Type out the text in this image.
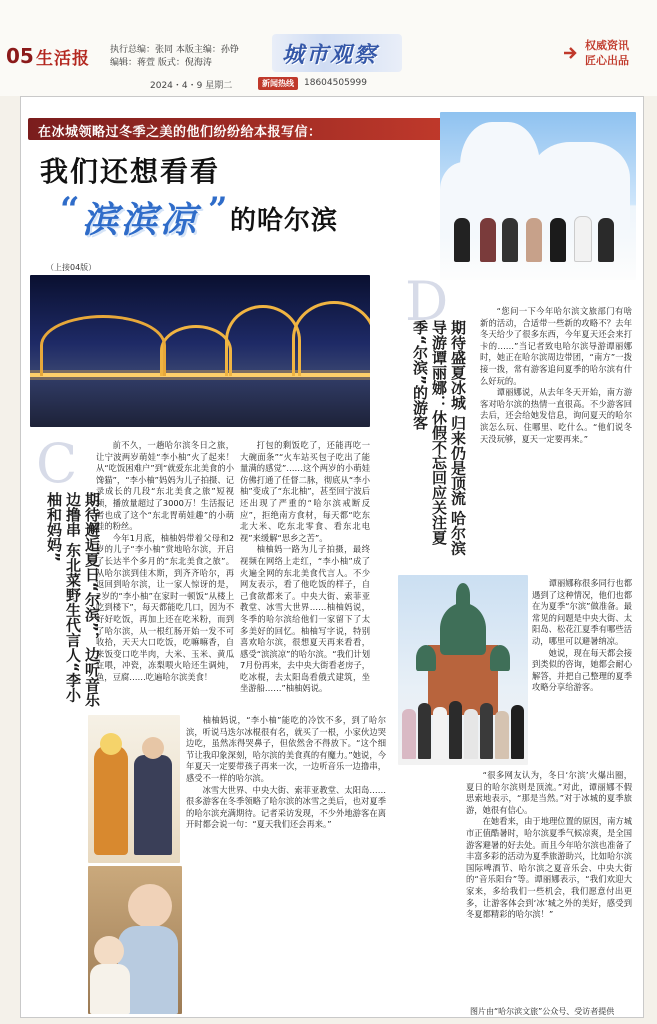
05 生活报 执行总编：张同 本版主编：孙铮
编辑：蒋萱 版式：倪海涛	城市观察	权威资讯
匠心出品
2024・4・9 星期二	新闻热线	18604505999
在冰城领略过冬季之美的他们纷纷给本报写信：
我们还想看看
“ 滨滨凉 ” 的哈尔滨
（上接04版）
C
D
期待邂逅夏日“尔滨”，边听音乐边撸串 东北菜野生代言人“李小柚和妈妈”	期待盛夏冰城 归来仍是顶流 哈尔滨导游谭丽娜：休假不忘回应关注夏季“尔滨”的游客

前不久，一趟哈尔滨冬日之旅，让宁波两岁萌娃“李小柚”火了起来！从“吃饭困难户”到“就爱东北美食的小馋猫”，“李小柚”妈妈为儿子拍摄、记录成长的几段“东北美食之旅”短视频，播放量超过了3000万！生活报记者也成了这个“东北胃萌娃趣”的小萌娃的粉丝。

今年1月底，柚柚妈带着父母和2岁的儿子“李小柚”赏地哈尔滨，开启了长达半个多月的“东北美食之旅”。从哈尔滨到佳木斯，到齐齐哈尔，再返回到哈尔滨，让一家人惊讶的是，2岁的“李小柚”在家时一顿饭“从楼上吃到楼下”，每天都能吃几口，因为不好好吃饭，再加上还在吃米粉，而到了哈尔滨，从一根红肠开始一发不可收拾，天天大口吃饭，吃嘛嘛香，自来饭变口吃半肉，大米、玉米、黄瓜在喂，冲瓷，冻梨喂火哈还生调炖，鱼，豆腐……吃遍哈尔滨美食！

打包的剩饭吃了，还能再吃一大碗面条”“火车站买包子吃出了能量满的感觉”……这个两岁的小萌娃仿佛打通了任督二脉，彻底从“李小柚”变成了“东北柚”，甚至回宁波后还出现了严重的“哈尔滨戒断反应”，拒绝南方食材，每天都“吃东北大米、吃东北零食、看东北电视”来缓解“思乡之苦”。

柚柚妈一路为儿子拍摄，最终视频在网络上走红，“李小柚”成了火遍全网的东北美食代言人。不少网友表示，看了他吃饭的样子，自己食欲都来了。中央大街、索菲亚教堂、冰雪大世界……柚柚妈说，冬季的哈尔滨给他们一家留下了太多美好的回忆。柚柚写字说，特别喜欢哈尔滨，很想夏天再来看看，感受“滨滨凉”的哈尔滨。“我们计划7月份再来，去中央大街看老房子，吃冰棍，去太阳岛看俄式建筑，坐坐游船……”柚柚妈说。

柚柚妈说，“李小柚”能吃的冷饮不多，到了哈尔滨，听说马迭尔冰棍很有名，就买了一根，小家伙边哭边吃，虽然冻得哭鼻子，但依然舍不得放下。“这个细节让我印象深刻，哈尔滨的美食真的有魔力。”她说，今年夏天一定要带孩子再来一次，一边听音乐一边撸串，感受不一样的哈尔滨。

冰雪大世界、中央大街、索菲亚教堂、太阳岛……很多游客在冬季领略了哈尔滨的冰雪之美后，也对夏季的哈尔滨充满期待。记者采访发现，不少外地游客在离开时都会说一句：“夏天我们还会再来。”

“您问一下今年哈尔滨文旅部门有啥新的活动，合适带一些新的攻略不？去年冬天给少了很多东西，今年夏天还会来打卡的……”当记者致电哈尔滨导游谭丽娜时，她正在哈尔滨周边带团，“南方”一拨接一拨，常有游客追问夏季的哈尔滨有什么好玩的。

谭丽娜说，从去年冬天开始，南方游客对哈尔滨的热情一直很高。不少游客回去后，还会给她发信息，询问夏天的哈尔滨怎么玩、住哪里、吃什么。“他们说冬天没玩够，夏天一定要再来。”

谭丽娜称很多同行也都遇到了这种情况，他们也都在为夏季“尔滨”做准备。最常见的问题是中央大街、太阳岛、松花江夏季有哪些活动，哪里可以避暑纳凉。

她说，现在每天都会接到类似的咨询，她都会耐心解答，并把自己整理的夏季攻略分享给游客。

“很多网友认为，冬日‘尔滨’火爆出圈，夏日的哈尔滨则是顶流。”对此，谭丽娜不假思索地表示，“那是当然。”对于冰城的夏季旅游，她很有信心。

在她看来，由于地理位置的原因，南方城市正值酷暑时，哈尔滨夏季气候凉爽，是全国游客避暑的好去处。而且今年哈尔滨也准备了丰富多彩的活动为夏季旅游助兴，比如哈尔滨国际啤酒节、哈尔滨之夏音乐会、中央大街的“音乐阳台”等。谭丽娜表示，“我们欢迎大家来，多给我们一些机会，我们愿意付出更多，让游客体会到‘冰’城之外的美好，感受到冬夏都精彩的哈尔滨！”

图片由“哈尔滨文旅”公众号、受访者提供
